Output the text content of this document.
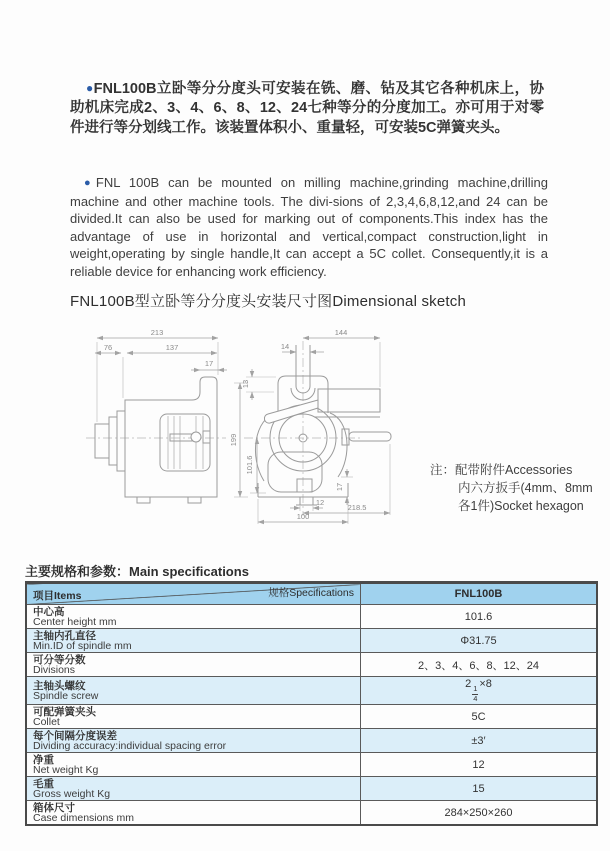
●FNL100B立卧等分分度头可安装在铣、磨、钻及其它各种机床上，协助机床完成2、3、4、6、8、12、24七种等分的分度加工。亦可用于对零件进行等分划线工作。该装置体积小、重量轻，可安装5C弹簧夹头。

●FNL 100B can be mounted on milling machine,grinding machine,drilling machine and other machine tools. The divi-sions of 2,3,4,6,8,12,and 24 can be divided.It can also be used for marking out of components.This index has the advantage of use in horizontal and vertical,compact construction,light in weight,operating by single handle,It can accept a 5C collet. Consequently,it is a reliable device for enhancing work efficiency.

FNL100B型立卧等分分度头安装尺寸图Dimensional sketch
213
76	137
17
199
144
14
13
101.6
17
12
218.5
100
注：配带附件Accessories
内六方扳手(4mm、8mm
各1件)Socket hexagon
主要规格和参数：Main specifications
项目Items 规格Specifications	FNL100B

中心高
Center height mm	101.6

主轴内孔直径
Min.ID of spindle mm	Φ31.75

可分等分数
Divisions	2、3、4、6、8、12、24

主轴头螺纹
Spindle screw	2
$\frac{1}{4}$
×8

可配弹簧夹头
Collet	5C

每个间隔分度误差
Dividing accuracy:individual spacing error	±3′

净重
Net weight Kg	12

毛重
Gross weight Kg	15

箱体尺寸
Case dimensions mm	284×250×260
